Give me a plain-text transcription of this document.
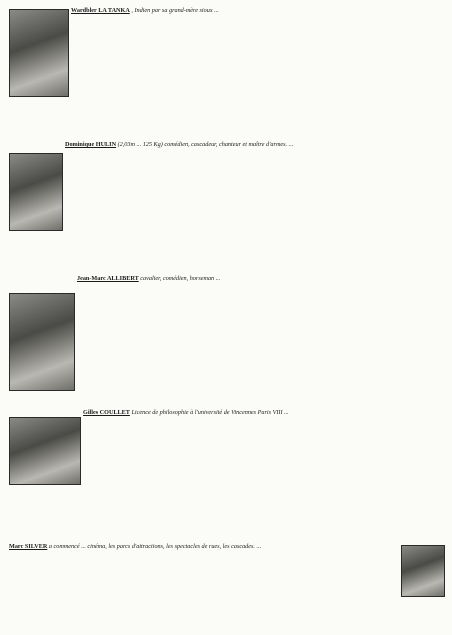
Wardbler LA TANKA , Indien par sa grand-mère sioux ...
Dominique HULIN (2,03m ... 125 Kg) comédien, cascadeur, chanteur et maître d'armes. ...
Jean-Marc ALLIBERT cavalier, comédien, horseman ...
Gilles COULLET Licence de philosophie à l'université de Vincennes Paris VIII ...
Marc SILVER a commencé ... cinéma, les parcs d'attractions, les spectacles de rues, les cascades. ...
